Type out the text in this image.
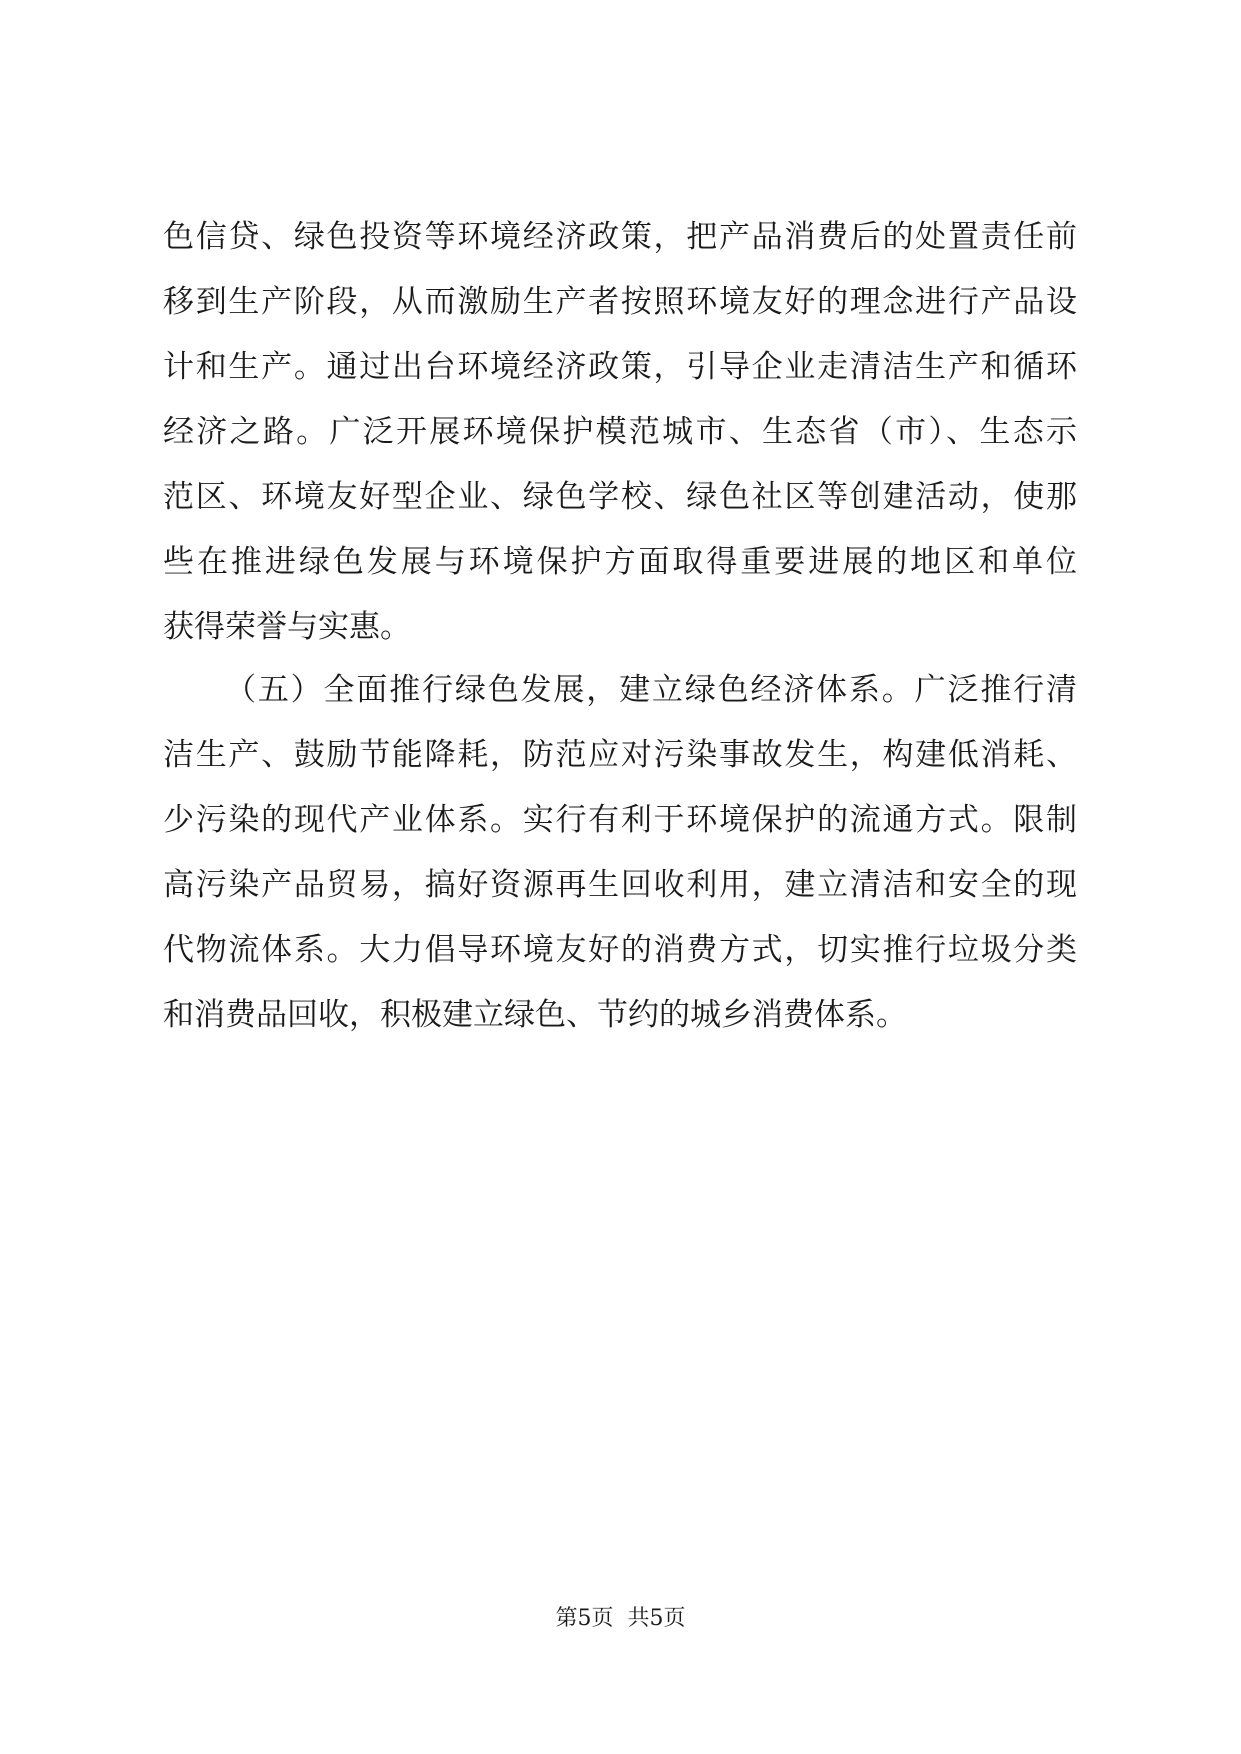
色信贷、绿色投资等环境经济政策，把产品消费后的处置责任前
移到生产阶段，从而激励生产者按照环境友好的理念进行产品设
计和生产。通过出台环境经济政策，引导企业走清洁生产和循环
经济之路。广泛开展环境保护模范城市、生态省（市）、生态示
范区、环境友好型企业、绿色学校、绿色社区等创建活动，使那
些在推进绿色发展与环境保护方面取得重要进展的地区和单位
获得荣誉与实惠。
（五）全面推行绿色发展，建立绿色经济体系。广泛推行清
洁生产、鼓励节能降耗，防范应对污染事故发生，构建低消耗、
少污染的现代产业体系。实行有利于环境保护的流通方式。限制
高污染产品贸易，搞好资源再生回收利用，建立清洁和安全的现
代物流体系。大力倡导环境友好的消费方式，切实推行垃圾分类
和消费品回收，积极建立绿色、节约的城乡消费体系。
第5页 共5页
